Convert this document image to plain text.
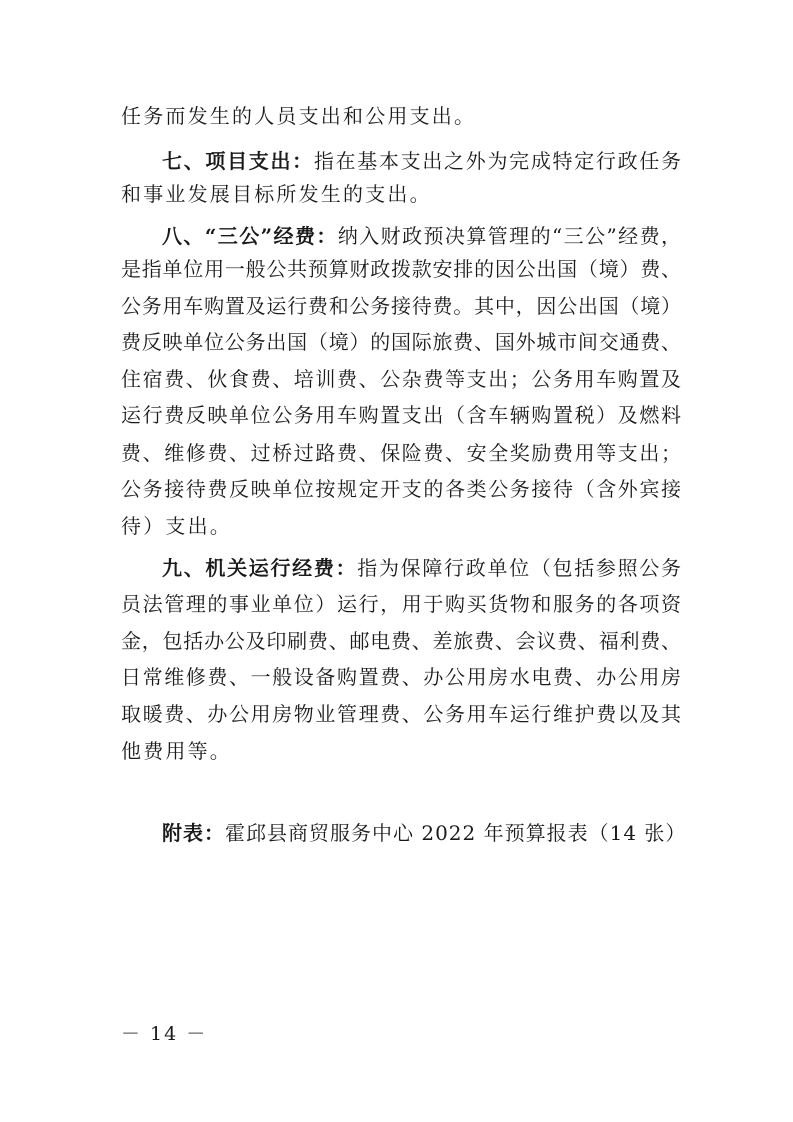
任务而发生的人员支出和公用支出。
七、项目支出：指在基本支出之外为完成特定行政任务
和事业发展目标所发生的支出。
八、“三公”经费：纳入财政预决算管理的“三公”经费，
是指单位用一般公共预算财政拨款安排的因公出国（境）费、
公务用车购置及运行费和公务接待费。其中，因公出国（境）
费反映单位公务出国（境）的国际旅费、国外城市间交通费、
住宿费、伙食费、培训费、公杂费等支出；公务用车购置及
运行费反映单位公务用车购置支出（含车辆购置税）及燃料
费、维修费、过桥过路费、保险费、安全奖励费用等支出；
公务接待费反映单位按规定开支的各类公务接待（含外宾接
待）支出。
九、机关运行经费：指为保障行政单位（包括参照公务
员法管理的事业单位）运行，用于购买货物和服务的各项资
金，包括办公及印刷费、邮电费、差旅费、会议费、福利费、
日常维修费、一般设备购置费、办公用房水电费、办公用房
取暖费、办公用房物业管理费、公务用车运行维护费以及其
他费用等。
附表：霍邱县商贸服务中心 2022 年预算报表（14 张）
－ 14 －
